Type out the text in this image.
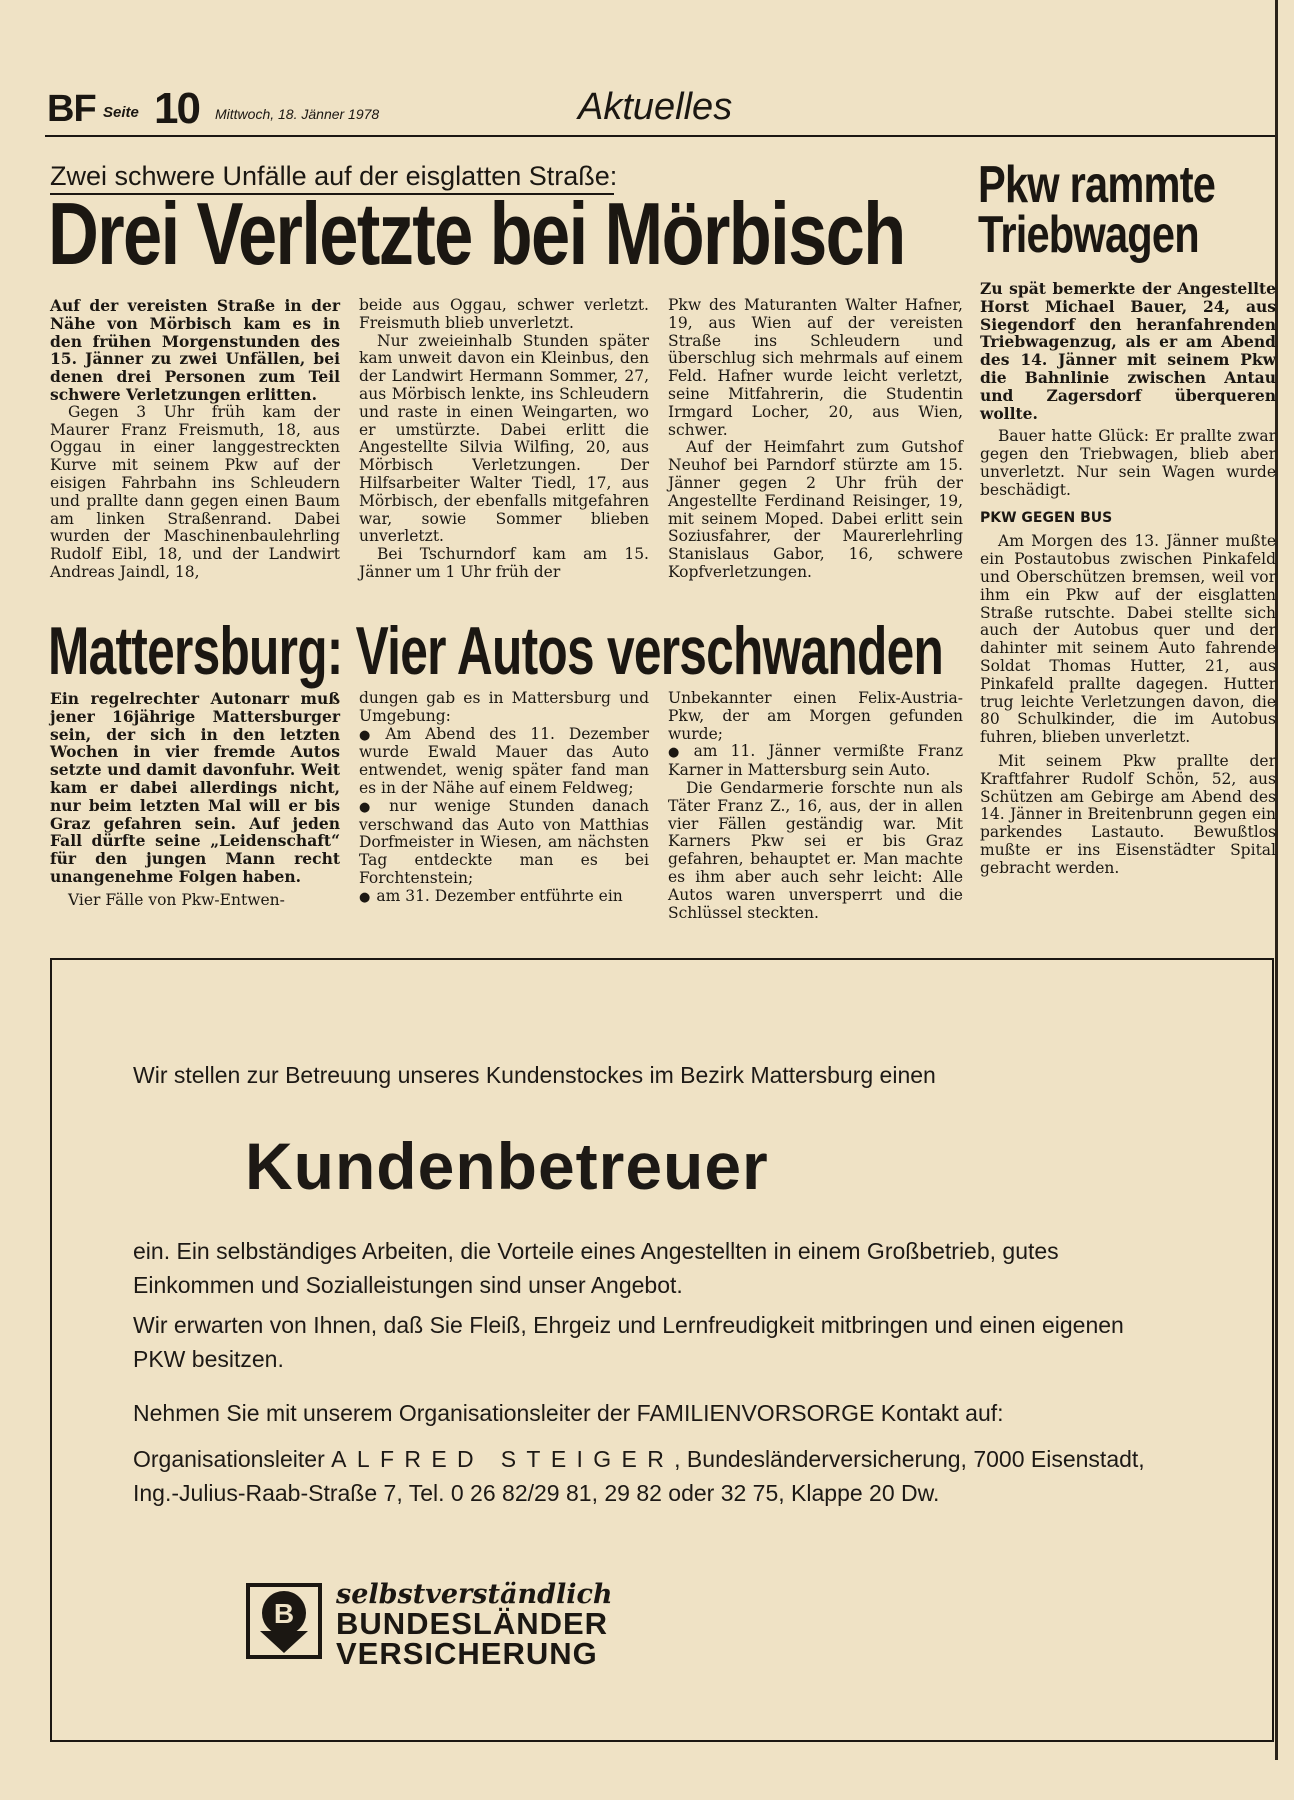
BF Seite 10 Mittwoch, 18. Jänner 1978	Aktuelles
Zwei schwere Unfälle auf der eisglatten Straße:
Drei Verletzte bei Mörbisch

Auf der vereisten Straße in der Nähe von Mörbisch kam es in den frühen Morgenstunden des 15. Jänner zu zwei Unfällen, bei denen drei Personen zum Teil schwere Verletzungen erlitten.

Gegen 3 Uhr früh kam der Maurer Franz Freismuth, 18, aus Oggau in einer langgestreckten Kurve mit seinem Pkw auf der eisigen Fahrbahn ins Schleudern und prallte dann gegen einen Baum am linken Straßenrand. Dabei wurden der Maschinenbaulehrling Rudolf Eibl, 18, und der Landwirt Andreas Jaindl, 18,

beide aus Oggau, schwer verletzt. Freismuth blieb unverletzt.

Nur zweieinhalb Stunden später kam unweit davon ein Kleinbus, den der Landwirt Hermann Sommer, 27, aus Mörbisch lenkte, ins Schleudern und raste in einen Weingarten, wo er umstürzte. Dabei erlitt die Angestellte Silvia Wilfing, 20, aus Mörbisch Verletzungen. Der Hilfsarbeiter Walter Tiedl, 17, aus Mörbisch, der ebenfalls mitgefahren war, sowie Sommer blieben unverletzt.

Bei Tschurndorf kam am 15. Jänner um 1 Uhr früh der

Pkw des Maturanten Walter Hafner, 19, aus Wien auf der vereisten Straße ins Schleudern und überschlug sich mehrmals auf einem Feld. Hafner wurde leicht verletzt, seine Mitfahrerin, die Studentin Irmgard Locher, 20, aus Wien, schwer.

Auf der Heimfahrt zum Gutshof Neuhof bei Parndorf stürzte am 15. Jänner gegen 2 Uhr früh der Angestellte Ferdinand Reisinger, 19, mit seinem Moped. Dabei erlitt sein Soziusfahrer, der Maurerlehrling Stanislaus Gabor, 16, schwere Kopfverletzungen.

Pkw rammte
Triebwagen

Zu spät bemerkte der Angestellte Horst Michael Bauer, 24, aus Siegendorf den heranfahrenden Triebwagenzug, als er am Abend des 14. Jänner mit seinem Pkw die Bahnlinie zwischen Antau und Zagersdorf überqueren wollte.

Bauer hatte Glück: Er prallte zwar gegen den Triebwagen, blieb aber unverletzt. Nur sein Wagen wurde beschädigt.

PKW GEGEN BUS

Am Morgen des 13. Jänner mußte ein Postautobus zwischen Pinkafeld und Oberschützen bremsen, weil vor ihm ein Pkw auf der eisglatten Straße rutschte. Dabei stellte sich auch der Autobus quer und der dahinter mit seinem Auto fahrende Soldat Thomas Hutter, 21, aus Pinkafeld prallte dagegen. Hutter trug leichte Verletzungen davon, die 80 Schulkinder, die im Autobus fuhren, blieben unverletzt.

Mit seinem Pkw prallte der Kraftfahrer Rudolf Schön, 52, aus Schützen am Gebirge am Abend des 14. Jänner in Breitenbrunn gegen ein parkendes Lastauto. Bewußtlos mußte er ins Eisenstädter Spital gebracht werden.

Mattersburg: Vier Autos verschwanden

Ein regelrechter Autonarr muß jener 16jährige Mattersburger sein, der sich in den letzten Wochen in vier fremde Autos setzte und damit davonfuhr. Weit kam er dabei allerdings nicht, nur beim letzten Mal will er bis Graz gefahren sein. Auf jeden Fall dürfte seine „Leidenschaft“ für den jungen Mann recht unangenehme Folgen haben.

Vier Fälle von Pkw-Entwen-

dungen gab es in Mattersburg und Umgebung:

● Am Abend des 11. Dezember wurde Ewald Mauer das Auto entwendet, wenig später fand man es in der Nähe auf einem Feldweg;

● nur wenige Stunden danach verschwand das Auto von Matthias Dorfmeister in Wiesen, am nächsten Tag entdeckte man es bei Forchtenstein;

● am 31. Dezember entführte ein

Unbekannter einen Felix-Austria-Pkw, der am Morgen gefunden wurde;

● am 11. Jänner vermißte Franz Karner in Mattersburg sein Auto.

Die Gendarmerie forschte nun als Täter Franz Z., 16, aus, der in allen vier Fällen geständig war. Mit Karners Pkw sei er bis Graz gefahren, behauptet er. Man machte es ihm aber auch sehr leicht: Alle Autos waren unversperrt und die Schlüssel steckten.

Wir stellen zur Betreuung unseres Kundenstockes im Bezirk Mattersburg einen
Kundenbetreuer

ein. Ein selbständiges Arbeiten, die Vorteile eines Angestellten in einem Großbetrieb, gutes Einkommen und Sozialleistungen sind unser Angebot.

Wir erwarten von Ihnen, daß Sie Fleiß, Ehrgeiz und Lernfreudigkeit mitbringen und einen eigenen PKW besitzen.

Nehmen Sie mit unserem Organisationsleiter der FAMILIENVORSORGE Kontakt auf:

Organisationsleiter ALFRED STEIGER, Bundesländerversicherung, 7000 Eisenstadt,

Ing.-Julius-Raab-Straße 7, Tel. 0 26 82/29 81, 29 82 oder 32 75, Klappe 20 Dw.

B
selbstverständlich
BUNDESLÄNDER
VERSICHERUNG
